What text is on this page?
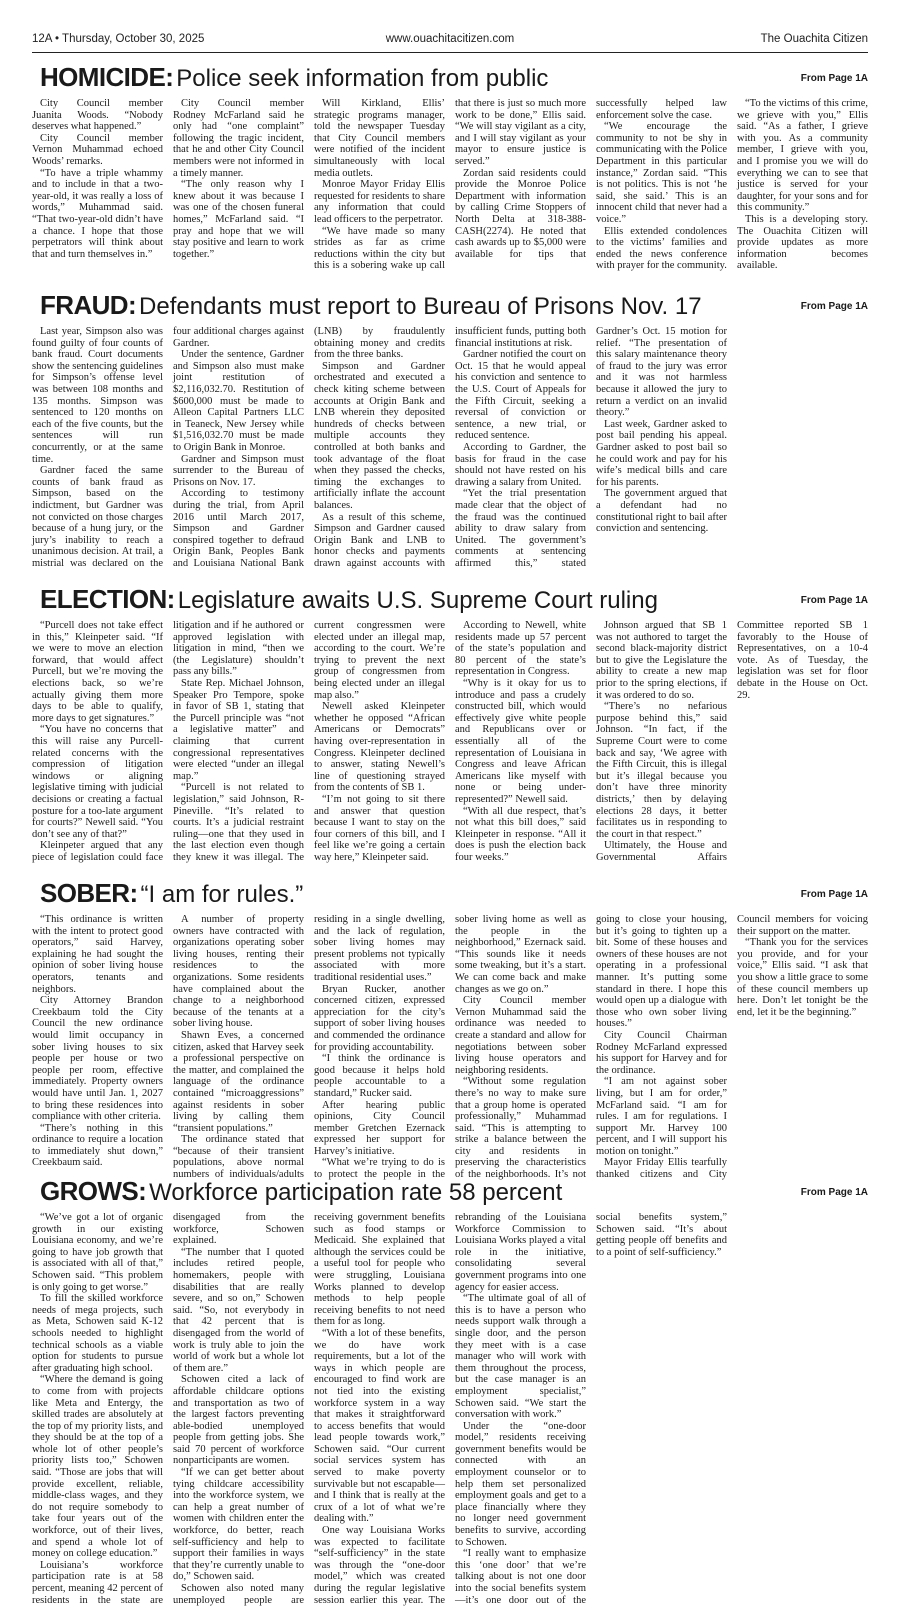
12A • Thursday, October 30, 2025	www.ouachitacitizen.com	The Ouachita Citizen
HOMICIDE: Police seek information from public	From Page 1A

City Council member Juanita Woods. “Nobody deserves what happened.”

City Council member Vernon Muhammad echoed Woods’ remarks.

“To have a triple whammy and to include in that a two-year-old, it was really a loss of words,” Muhammad said. “That two-year-old didn’t have a chance. I hope that those perpetrators will think about that and turn themselves in.”

City Council member Rodney McFarland said he only had “one complaint” following the tragic incident, that he and other City Council members were not informed in a timely manner.

“The only reason why I knew about it was because I was one of the chosen funeral homes,” McFarland said. “I pray and hope that we will stay positive and learn to work together.”

Will Kirkland, Ellis’ strategic programs manager, told the newspaper Tuesday that City Council members were notified of the incident simultaneously with local media outlets.

Monroe Mayor Friday Ellis requested for residents to share any information that could lead officers to the perpetrator.

“We have made so many strides as far as crime reductions within the city but this is a sobering wake up call that there is just so much more work to be done,” Ellis said. “We will stay vigilant as a city, and I will stay vigilant as your mayor to ensure justice is served.”

Zordan said residents could provide the Monroe Police Department with information by calling Crime Stoppers of North Delta at 318-388-CASH(2274). He noted that cash awards up to $5,000 were available for tips that successfully helped law enforcement solve the case.

“We encourage the community to not be shy in communicating with the Police Department in this particular instance,” Zordan said. “This is not politics. This is not ‘he said, she said.’ This is an innocent child that never had a voice.”

Ellis extended condolences to the victims’ families and ended the news conference with prayer for the community.

“To the victims of this crime, we grieve with you,” Ellis said. “As a father, I grieve with you. As a community member, I grieve with you, and I promise you we will do everything we can to see that justice is served for your daughter, for your sons and for this community.”

This is a developing story. The Ouachita Citizen will provide updates as more information becomes available.

FRAUD: Defendants must report to Bureau of Prisons Nov. 17	From Page 1A

Last year, Simpson also was found guilty of four counts of bank fraud. Court documents show the sentencing guidelines for Simpson’s offense level was between 108 months and 135 months. Simpson was sentenced to 120 months on each of the five counts, but the sentences will run concurrently, or at the same time.

Gardner faced the same counts of bank fraud as Simpson, based on the indictment, but Gardner was not convicted on those charges because of a hung jury, or the jury’s inability to reach a unanimous decision. At trail, a mistrial was declared on the four additional charges against Gardner.

Under the sentence, Gardner and Simpson also must make joint restitution of $2,116,032.70. Restitution of $600,000 must be made to Alleon Capital Partners LLC in Teaneck, New Jersey while $1,516,032.70 must be made to Origin Bank in Monroe.

Gardner and Simpson must surrender to the Bureau of Prisons on Nov. 17.

According to testimony during the trial, from April 2016 until March 2017, Simpson and Gardner conspired together to defraud Origin Bank, Peoples Bank and Louisiana National Bank (LNB) by fraudulently obtaining money and credits from the three banks.

Simpson and Gardner orchestrated and executed a check kiting scheme between accounts at Origin Bank and LNB wherein they deposited hundreds of checks between multiple accounts they controlled at both banks and took advantage of the float when they passed the checks, timing the exchanges to artificially inflate the account balances.

As a result of this scheme, Simpson and Gardner caused Origin Bank and LNB to honor checks and payments drawn against accounts with insufficient funds, putting both financial institutions at risk.

Gardner notified the court on Oct. 15 that he would appeal his conviction and sentence to the U.S. Court of Appeals for the Fifth Circuit, seeking a reversal of conviction or sentence, a new trial, or reduced sentence.

According to Gardner, the basis for fraud in the case should not have rested on his drawing a salary from United.

“Yet the trial presentation made clear that the object of the fraud was the continued ability to draw salary from United. The government’s comments at sentencing affirmed this,” stated Gardner’s Oct. 15 motion for relief. “The presentation of this salary maintenance theory of fraud to the jury was error and it was not harmless because it allowed the jury to return a verdict on an invalid theory.”

Last week, Gardner asked to post bail pending his appeal. Gardner asked to post bail so he could work and pay for his wife’s medical bills and care for his parents.

The government argued that a defendant had no constitutional right to bail after conviction and sentencing.

ELECTION: Legislature awaits U.S. Supreme Court ruling	From Page 1A

“Purcell does not take effect in this,” Kleinpeter said. “If we were to move an election forward, that would affect Purcell, but we’re moving the elections back, so we’re actually giving them more days to be able to qualify, more days to get signatures.”

“You have no concerns that this will raise any Purcell-related concerns with the compression of litigation windows or aligning legislative timing with judicial decisions or creating a factual posture for a too-late argument for courts?” Newell said. “You don’t see any of that?”

Kleinpeter argued that any piece of legislation could face litigation and if he authored or approved legislation with litigation in mind, “then we (the Legislature) shouldn’t pass any bills.”

State Rep. Michael Johnson, Speaker Pro Tempore, spoke in favor of SB 1, stating that the Purcell principle was “not a legislative matter” and claiming that current congressional representatives were elected “under an illegal map.”

“Purcell is not related to legislation,” said Johnson, R-Pineville. “It’s related to courts. It’s a judicial restraint ruling—one that they used in the last election even though they knew it was illegal. The current congressmen were elected under an illegal map, according to the court. We’re trying to prevent the next group of congressmen from being elected under an illegal map also.”

Newell asked Kleinpeter whether he opposed “African Americans or Democrats” having over-representation in Congress. Kleinpeter declined to answer, stating Newell’s line of questioning strayed from the contents of SB 1.

“I’m not going to sit there and answer that question because I want to stay on the four corners of this bill, and I feel like we’re going a certain way here,” Kleinpeter said.

According to Newell, white residents made up 57 percent of the state’s population and 80 percent of the state’s representation in Congress.

“Why is it okay for us to introduce and pass a crudely constructed bill, which would effectively give white people and Republicans over or essentially all of the representation of Louisiana in Congress and leave African Americans like myself with none or being under-represented?” Newell said.

“With all due respect, that’s not what this bill does,” said Kleinpeter in response. “All it does is push the election back four weeks.”

Johnson argued that SB 1 was not authored to target the second black-majority district but to give the Legislature the ability to create a new map prior to the spring elections, if it was ordered to do so.

“There’s no nefarious purpose behind this,” said Johnson. “In fact, if the Supreme Court were to come back and say, ‘We agree with the Fifth Circuit, this is illegal but it’s illegal because you don’t have three minority districts,’ then by delaying elections 28 days, it better facilitates us in responding to the court in that respect.”

Ultimately, the House and Governmental Affairs Committee reported SB 1 favorably to the House of Representatives, on a 10-4 vote. As of Tuesday, the legislation was set for floor debate in the House on Oct. 29.

SOBER: “I am for rules.”	From Page 1A

“This ordinance is written with the intent to protect good operators,” said Harvey, explaining he had sought the opinion of sober living house operators, tenants and neighbors.

City Attorney Brandon Creekbaum told the City Council the new ordinance would limit occupancy in sober living houses to six people per house or two people per room, effective immediately. Property owners would have until Jan. 1, 2027 to bring these residences into compliance with other criteria.

“There’s nothing in this ordinance to require a location to immediately shut down,” Creekbaum said.

A number of property owners have contracted with organizations operating sober living houses, renting their residences to the organizations. Some residents have complained about the change to a neighborhood because of the tenants at a sober living house.

Shawn Eves, a concerned citizen, asked that Harvey seek a professional perspective on the matter, and complained the language of the ordinance contained “microaggressions” against residents in sober living by calling them “transient populations.”

The ordinance stated that “because of their transient populations, above normal numbers of individuals/adults residing in a single dwelling, and the lack of regulation, sober living homes may present problems not typically associated with more traditional residential uses.”

Bryan Rucker, another concerned citizen, expressed appreciation for the city’s support of sober living houses and commended the ordinance for providing accountability.

“I think the ordinance is good because it helps hold people accountable to a standard,” Rucker said.

After hearing public opinions, City Council member Gretchen Ezernack expressed her support for Harvey’s initiative.

“What we’re trying to do is to protect the people in the sober living home as well as the people in the neighborhood,” Ezernack said. “This sounds like it needs some tweaking, but it’s a start. We can come back and make changes as we go on.”

City Council member Vernon Muhammad said the ordinance was needed to create a standard and allow for negotiations between sober living house operators and neighboring residents.

“Without some regulation there’s no way to make sure that a group home is operated professionally,” Muhammad said. “This is attempting to strike a balance between the city and residents in preserving the characteristics of the neighborhoods. It’s not going to close your housing, but it’s going to tighten up a bit. Some of these houses and owners of these houses are not operating in a professional manner. It’s putting some standard in there. I hope this would open up a dialogue with those who own sober living houses.”

City Council Chairman Rodney McFarland expressed his support for Harvey and for the ordinance.

“I am not against sober living, but I am for order,” McFarland said. “I am for rules. I am for regulations. I support Mr. Harvey 100 percent, and I will support his motion on tonight.”

Mayor Friday Ellis tearfully thanked citizens and City Council members for voicing their support on the matter.

“Thank you for the services you provide, and for your voice,” Ellis said. “I ask that you show a little grace to some of these council members up here. Don’t let tonight be the end, let it be the beginning.”

GROWS: Workforce participation rate 58 percent	From Page 1A

“We’ve got a lot of organic growth in our existing Louisiana economy, and we’re going to have job growth that is associated with all of that,” Schowen said. “This problem is only going to get worse.”

To fill the skilled workforce needs of mega projects, such as Meta, Schowen said K-12 schools needed to highlight technical schools as a viable option for students to pursue after graduating high school.

“Where the demand is going to come from with projects like Meta and Entergy, the skilled trades are absolutely at the top of my priority lists, and they should be at the top of a whole lot of other people’s priority lists too,” Schowen said. “Those are jobs that will provide excellent, reliable, middle-class wages, and they do not require somebody to take four years out of the workforce, out of their lives, and spend a whole lot of money on college education.”

Louisiana’s workforce participation rate is at 58 percent, meaning 42 percent of residents in the state are disengaged from the workforce, Schowen explained.

“The number that I quoted includes retired people, homemakers, people with disabilities that are really severe, and so on,” Schowen said. “So, not everybody in that 42 percent that is disengaged from the world of work is truly able to join the world of work but a whole lot of them are.”

Schowen cited a lack of affordable childcare options and transportation as two of the largest factors preventing able-bodied unemployed people from getting jobs. She said 70 percent of workforce nonparticipants are women.

“If we can get better about tying childcare accessibility into the workforce system, we can help a great number of women with children enter the workforce, do better, reach self-sufficiency and help to support their families in ways that they’re currently unable to do,” Schowen said.

Schowen also noted many unemployed people are receiving government benefits such as food stamps or Medicaid. She explained that although the services could be a useful tool for people who were struggling, Louisiana Works planned to develop methods to help people receiving benefits to not need them for as long.

“With a lot of these benefits, we do have work requirements, but a lot of the ways in which people are encouraged to find work are not tied into the existing workforce system in a way that makes it straightforward to access benefits that would lead people towards work,” Schowen said. “Our current social services system has served to make poverty survivable but not escapable—and I think that is really at the crux of a lot of what we’re dealing with.”

One way Louisiana Works was expected to facilitate “self-sufficiency” in the state was through the “one-door model,” which was created during the regular legislative session earlier this year. The rebranding of the Louisiana Workforce Commission to Louisiana Works played a vital role in the initiative, consolidating several government programs into one agency for easier access.

“The ultimate goal of all of this is to have a person who needs support walk through a single door, and the person they meet with is a case manager who will work with them throughout the process, but the case manager is an employment specialist,” Schowen said. “We start the conversation with work.”

Under the “one-door model,” residents receiving government benefits would be connected with an employment counselor or to help them set personalized employment goals and get to a place financially where they no longer need government benefits to survive, according to Schowen.

“I really want to emphasize this ‘one door’ that we’re talking about is not one door into the social benefits system—it’s one door out of the social benefits system,” Schowen said. “It’s about getting people off benefits and to a point of self-sufficiency.”
